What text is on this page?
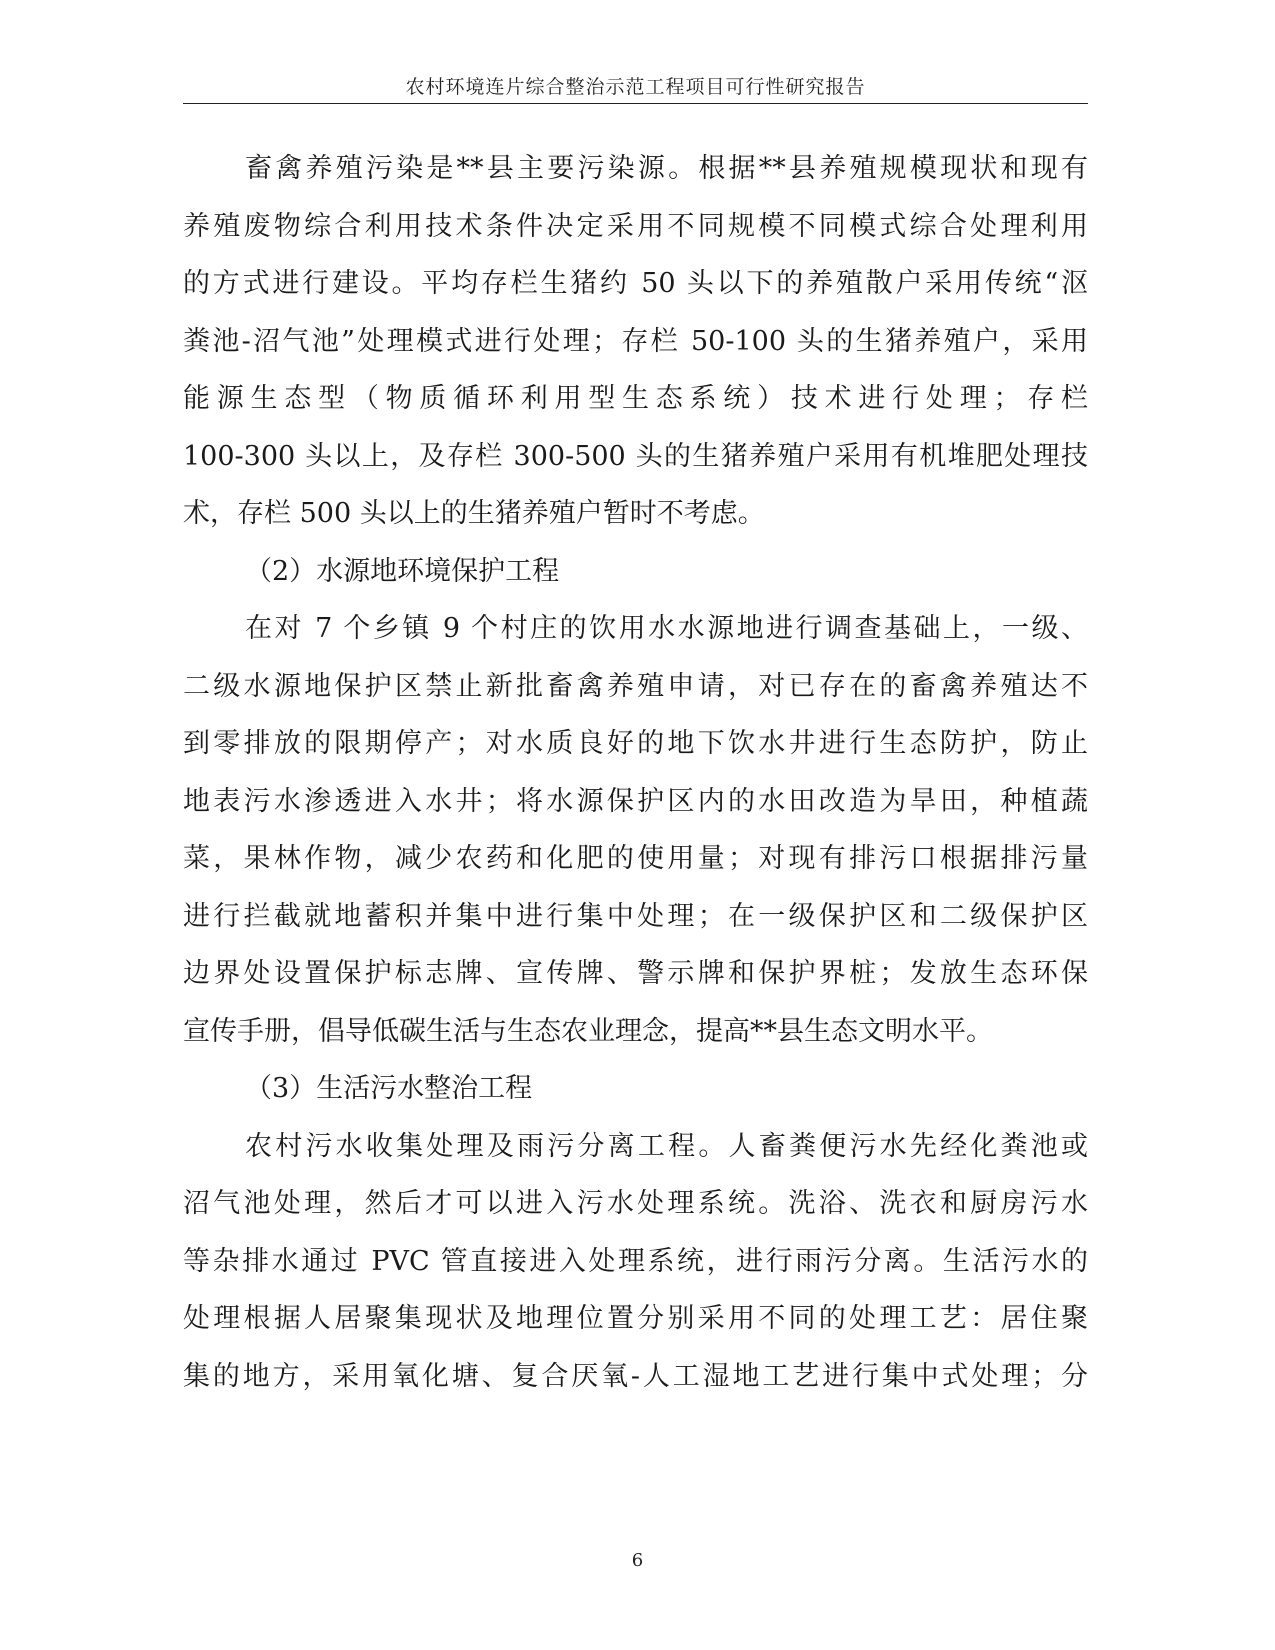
农村环境连片综合整治示范工程项目可行性研究报告
畜禽养殖污染是**县主要污染源。根据**县养殖规模现状和现有
养殖废物综合利用技术条件决定采用不同规模不同模式综合处理利用
的方式进行建设。平均存栏生猪约 50 头以下的养殖散户采用传统“沤
粪池-沼气池”处理模式进行处理；存栏 50-100 头的生猪养殖户，采用
能源生态型（物质循环利用型生态系统）技术进行处理；存栏
100-300 头以上，及存栏 300-500 头的生猪养殖户采用有机堆肥处理技
术，存栏 500 头以上的生猪养殖户暂时不考虑。
（2）水源地环境保护工程
在对 7 个乡镇 9 个村庄的饮用水水源地进行调查基础上，一级、
二级水源地保护区禁止新批畜禽养殖申请，对已存在的畜禽养殖达不
到零排放的限期停产；对水质良好的地下饮水井进行生态防护，防止
地表污水渗透进入水井；将水源保护区内的水田改造为旱田，种植蔬
菜，果林作物，减少农药和化肥的使用量；对现有排污口根据排污量
进行拦截就地蓄积并集中进行集中处理；在一级保护区和二级保护区
边界处设置保护标志牌、宣传牌、警示牌和保护界桩；发放生态环保
宣传手册，倡导低碳生活与生态农业理念，提高**县生态文明水平。
（3）生活污水整治工程
农村污水收集处理及雨污分离工程。人畜粪便污水先经化粪池或
沼气池处理，然后才可以进入污水处理系统。洗浴、洗衣和厨房污水
等杂排水通过 PVC 管直接进入处理系统，进行雨污分离。生活污水的
处理根据人居聚集现状及地理位置分别采用不同的处理工艺：居住聚
集的地方，采用氧化塘、复合厌氧-人工湿地工艺进行集中式处理；分
6
